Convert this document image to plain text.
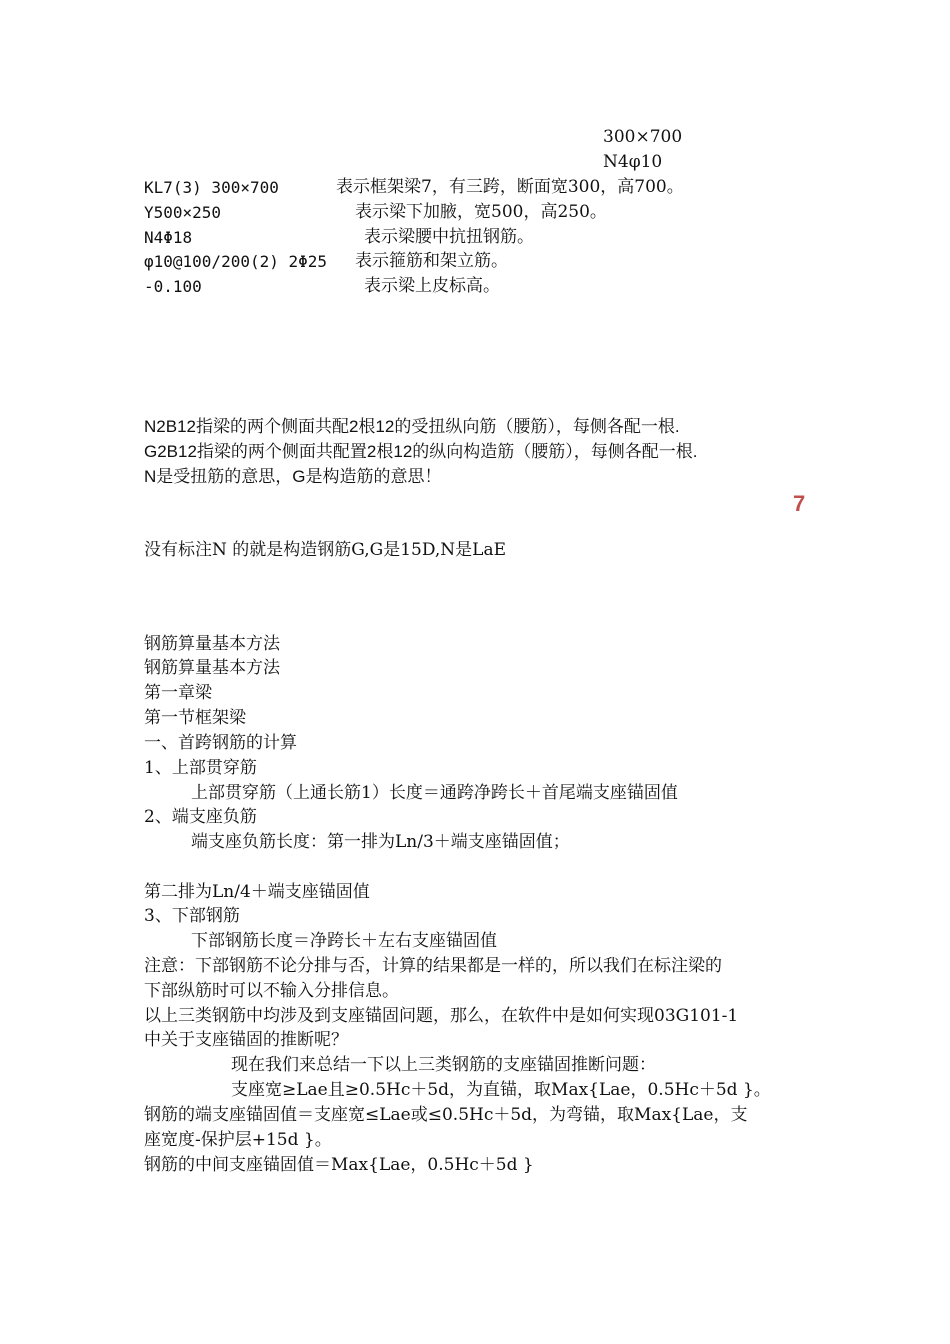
300×700
N4φ10
KL7(3) 300×700	表示框架梁7，有三跨，断面宽300，高700。
Y500×250	表示梁下加腋，宽500，高250。
N4Φ18	表示梁腰中抗扭钢筋。
φ10@100/200(2) 2Φ25 表示箍筋和架立筋。
-0.100	表示梁上皮标高。
N2B12指梁的两个侧面共配2根12的受扭纵向筋（腰筋），每侧各配一根.
G2B12指梁的两个侧面共配置2根12的纵向构造筋（腰筋），每侧各配一根.
N是受扭筋的意思，G是构造筋的意思！
7
没有标注N 的就是构造钢筋G,G是15D,N是LaE
钢筋算量基本方法
钢筋算量基本方法
第一章梁
第一节框架梁
一、首跨钢筋的计算
1、上部贯穿筋
上部贯穿筋（上通长筋1）长度＝通跨净跨长＋首尾端支座锚固值
2、端支座负筋
端支座负筋长度：第一排为Ln/3＋端支座锚固值；
第二排为Ln/4＋端支座锚固值
3、下部钢筋
下部钢筋长度＝净跨长＋左右支座锚固值
注意：下部钢筋不论分排与否，计算的结果都是一样的，所以我们在标注梁的
下部纵筋时可以不输入分排信息。
以上三类钢筋中均涉及到支座锚固问题，那么，在软件中是如何实现03G101-1
中关于支座锚固的推断呢？
现在我们来总结一下以上三类钢筋的支座锚固推断问题：
支座宽≥Lae且≥0.5Hc＋5d，为直锚，取Max{Lae，0.5Hc＋5d }。
钢筋的端支座锚固值＝支座宽≤Lae或≤0.5Hc＋5d，为弯锚，取Max{Lae，支
座宽度-保护层+15d }。
钢筋的中间支座锚固值＝Max{Lae，0.5Hc＋5d }
